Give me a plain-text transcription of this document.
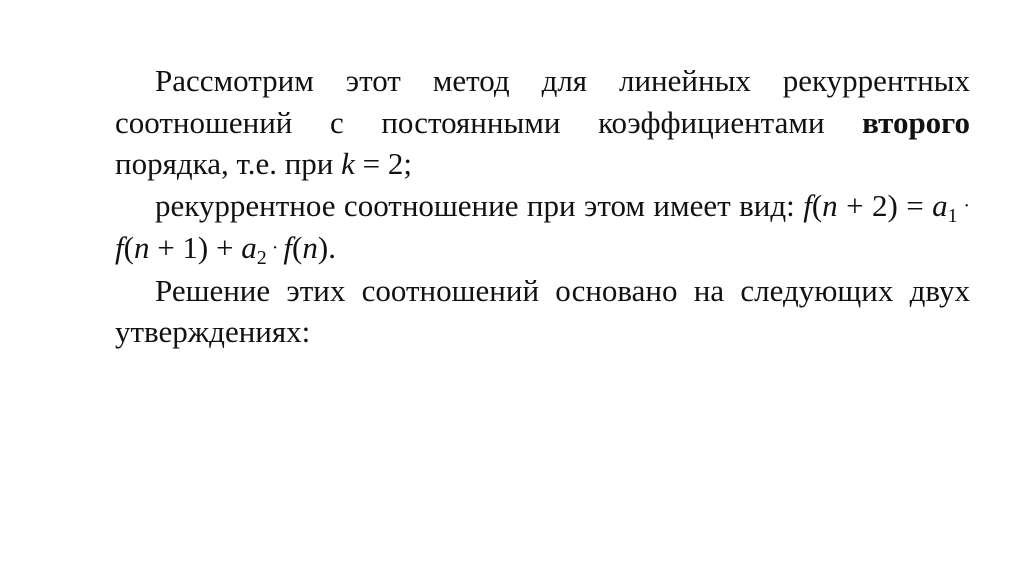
Рассмотрим этот метод для линейных рекуррентных соотношений с постоянными коэффициентами второго порядка, т.е. при k = 2;

рекуррентное соотношение при этом имеет вид: $f(n + 2) = a_1 \cdot f(n + 1) + a_2 \cdot f(n)$.

Решение этих соотношений основано на следующих двух утверждениях:
